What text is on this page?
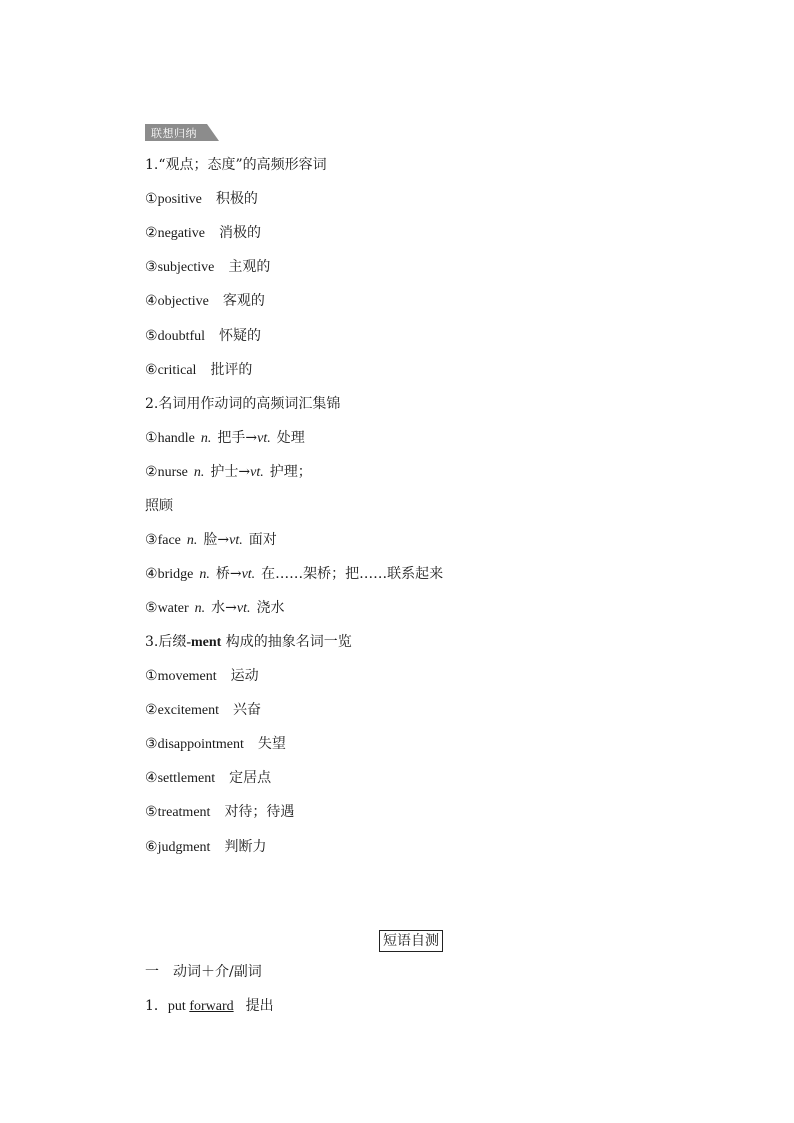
联想归纳
1.“观点；态度”的高频形容词
①positive 积极的
②negative 消极的
③subjective 主观的
④objective 客观的
⑤doubtful 怀疑的
⑥critical 批评的
2.名词用作动词的高频词汇集锦
①handle n. 把手→vt. 处理
②nurse n. 护士→vt. 护理；
照顾
③face n. 脸→vt. 面对
④bridge n. 桥→vt. 在……架桥；把……联系起来
⑤water n. 水→vt. 浇水
3.后缀-ment 构成的抽象名词一览
①movement 运动
②excitement 兴奋
③disappointment 失望
④settlement 定居点
⑤treatment 对待；待遇
⑥judgment 判断力
短语自测
一　动词＋介/副词
1．put forward 提出
